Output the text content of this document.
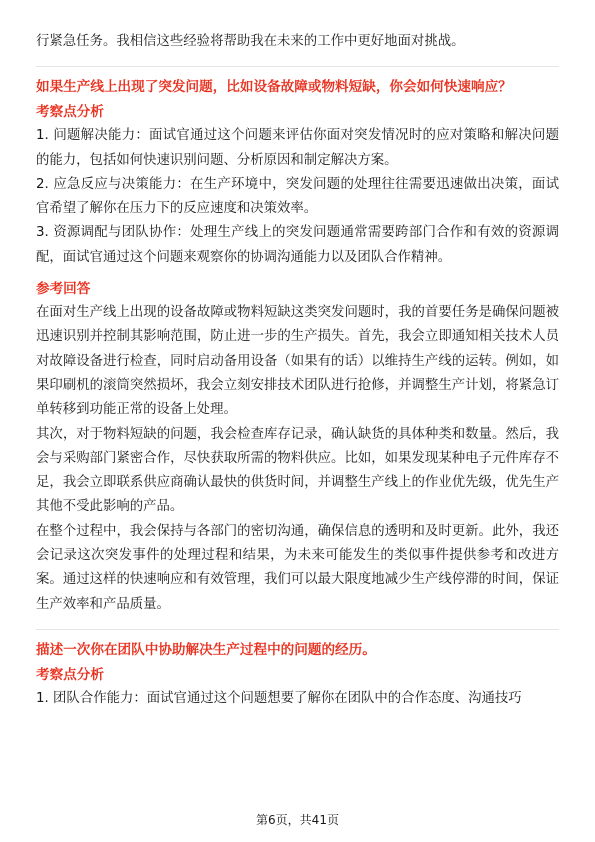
行紧急任务。我相信这些经验将帮助我在未来的工作中更好地面对挑战。

如果生产线上出现了突发问题，比如设备故障或物料短缺，你会如何快速响应？

考察点分析

1. 问题解决能力：面试官通过这个问题来评估你面对突发情况时的应对策略和解决问题的能力，包括如何快速识别问题、分析原因和制定解决方案。

2. 应急反应与决策能力：在生产环境中，突发问题的处理往往需要迅速做出决策，面试官希望了解你在压力下的反应速度和决策效率。

3. 资源调配与团队协作：处理生产线上的突发问题通常需要跨部门合作和有效的资源调配，面试官通过这个问题来观察你的协调沟通能力以及团队合作精神。

参考回答

在面对生产线上出现的设备故障或物料短缺这类突发问题时，我的首要任务是确保问题被迅速识别并控制其影响范围，防止进一步的生产损失。首先，我会立即通知相关技术人员对故障设备进行检查，同时启动备用设备（如果有的话）以维持生产线的运转。例如，如果印刷机的滚筒突然损坏，我会立刻安排技术团队进行抢修，并调整生产计划，将紧急订单转移到功能正常的设备上处理。

其次，对于物料短缺的问题，我会检查库存记录，确认缺货的具体种类和数量。然后，我会与采购部门紧密合作，尽快获取所需的物料供应。比如，如果发现某种电子元件库存不足，我会立即联系供应商确认最快的供货时间，并调整生产线上的作业优先级，优先生产其他不受此影响的产品。

在整个过程中，我会保持与各部门的密切沟通，确保信息的透明和及时更新。此外，我还会记录这次突发事件的处理过程和结果，为未来可能发生的类似事件提供参考和改进方案。通过这样的快速响应和有效管理，我们可以最大限度地减少生产线停滞的时间，保证生产效率和产品质量。

描述一次你在团队中协助解决生产过程中的问题的经历。

考察点分析

1. 团队合作能力：面试官通过这个问题想要了解你在团队中的合作态度、沟通技巧

第6页，共41页
